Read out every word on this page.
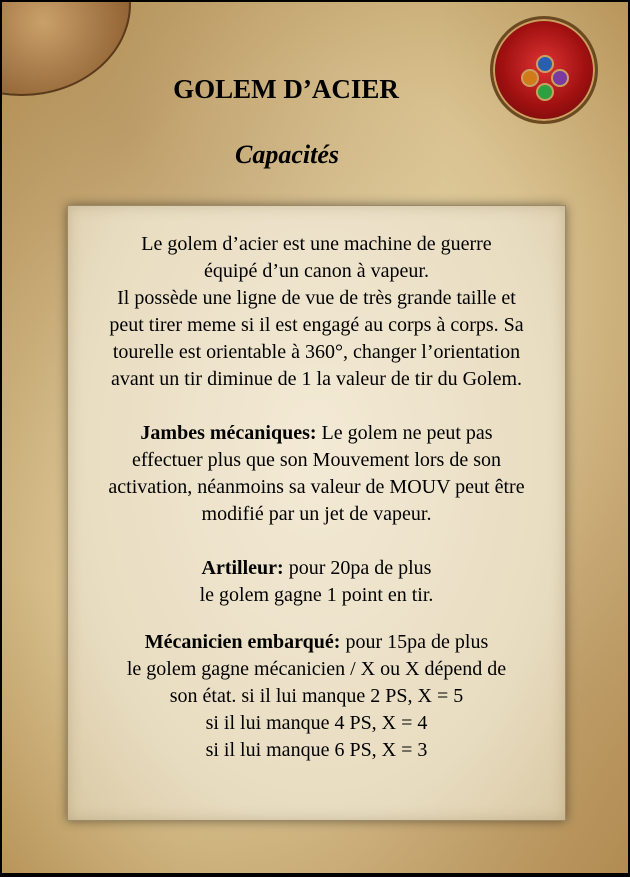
GOLEM D’ACIER
Capacités
Le golem d’acier est une machine de guerre
équipé d’un canon à vapeur.
Il possède une ligne de vue de très grande taille et
peut tirer meme si il est engagé au corps à corps. Sa
tourelle est orientable à 360°, changer l’orientation
avant un tir diminue de 1 la valeur de tir du Golem.
Jambes mécaniques: Le golem ne peut pas
effectuer plus que son Mouvement lors de son
activation, néanmoins sa valeur de MOUV peut être
modifié par un jet de vapeur.
Artilleur: pour 20pa de plus
le golem gagne 1 point en tir.
Mécanicien embarqué: pour 15pa de plus
le golem gagne mécanicien / X ou X dépend de
son état. si il lui manque 2 PS, X = 5
si il lui manque 4 PS, X = 4
si il lui manque 6 PS, X = 3
